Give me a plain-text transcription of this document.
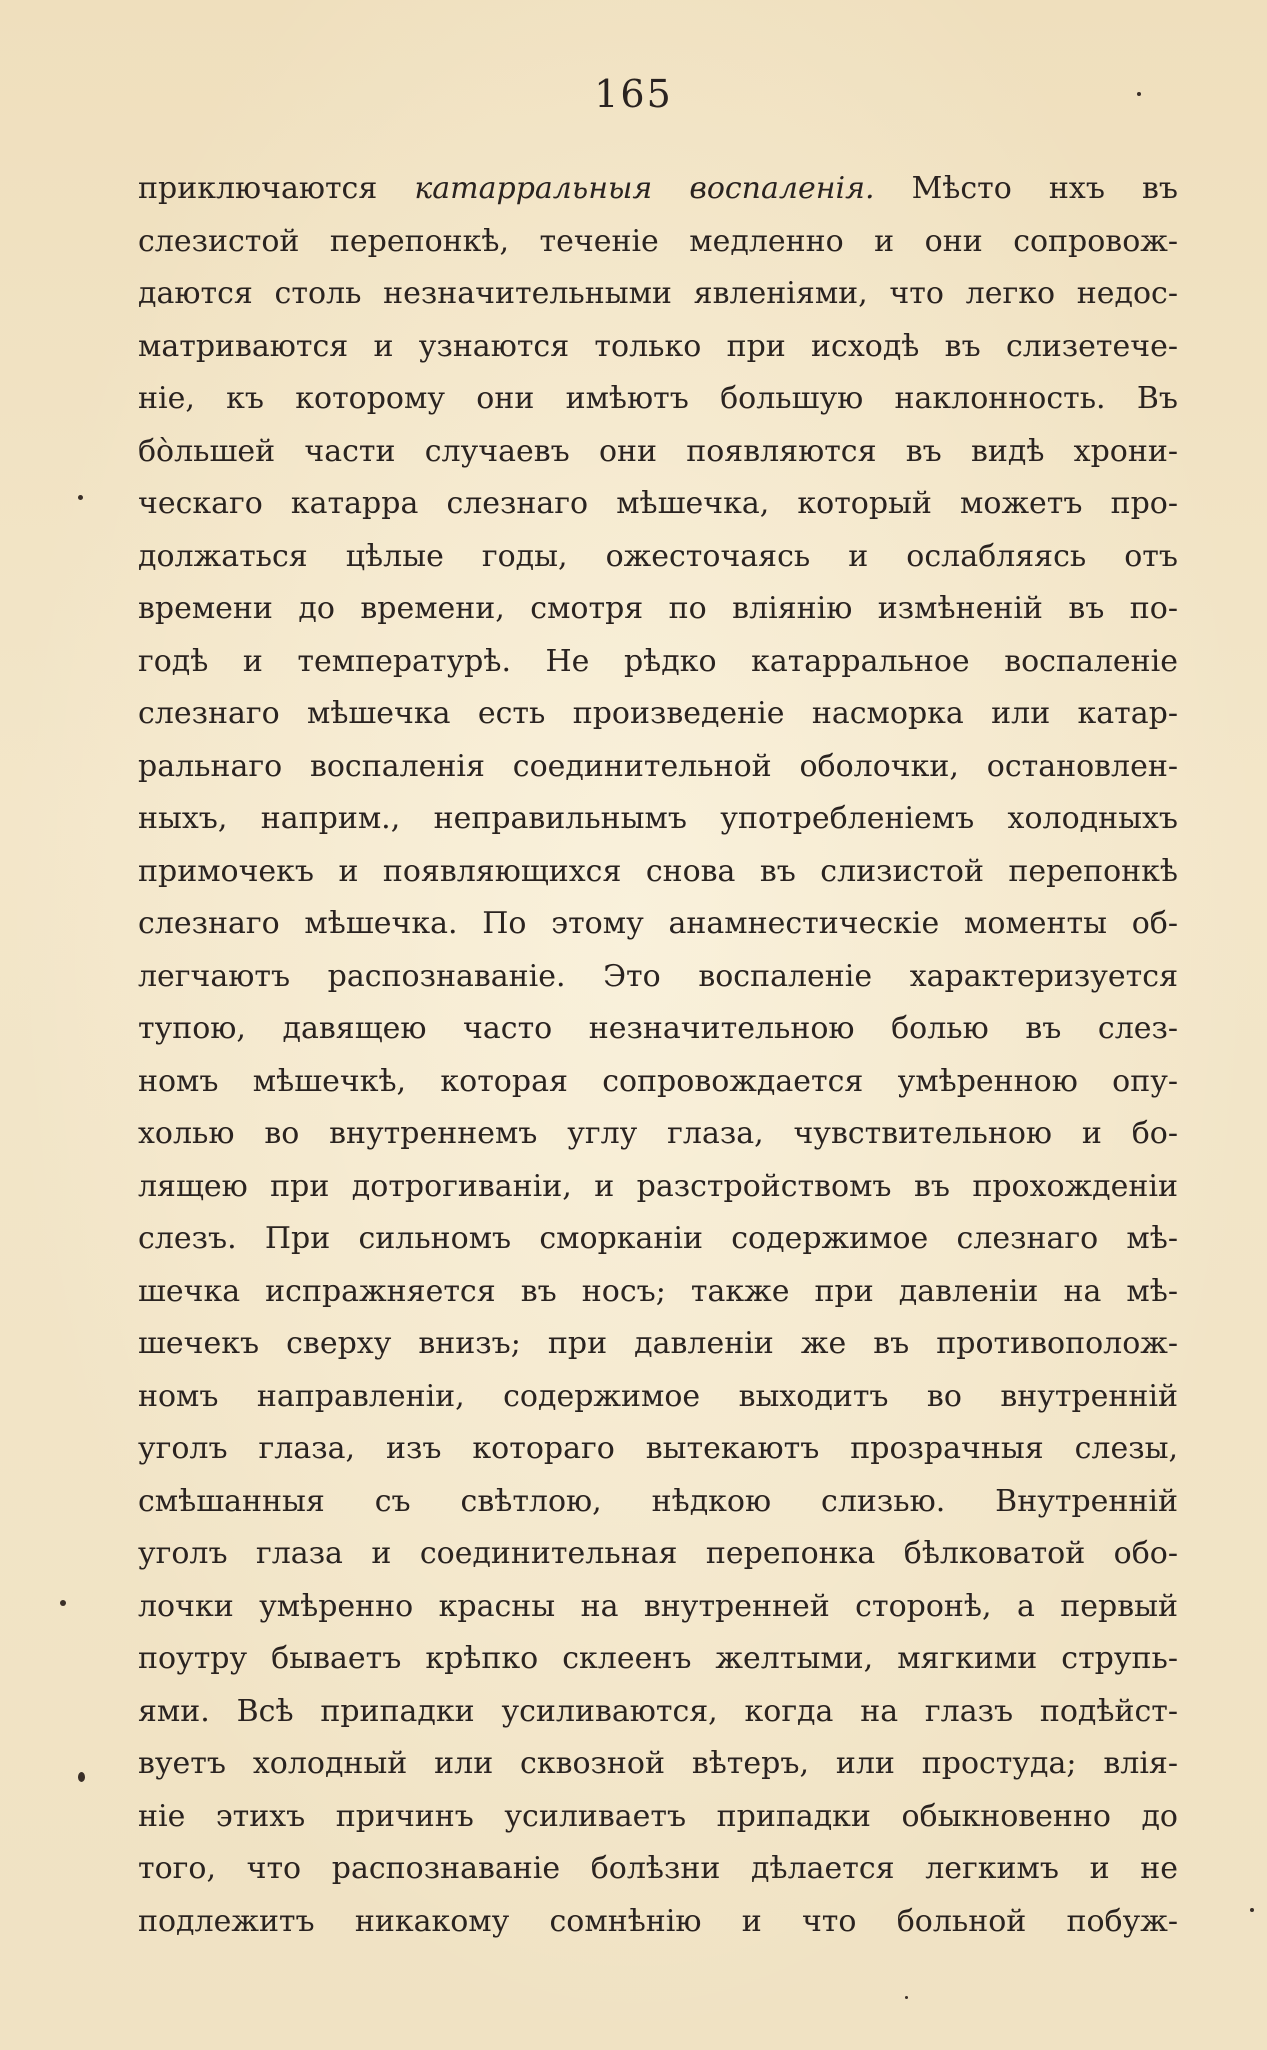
165
приключаются катарральныя воспаленія. Мѣсто нхъ въ
слезистой перепонкѣ, теченіе медленно и они сопровож-
даются столь незначительными явленіями, что легко недос-
матриваются и узнаются только при исходѣ въ слизетече-
ніе, къ которому они имѣютъ большую наклонность. Въ
бо̀льшей части случаевъ они появляются въ видѣ хрони-
ческаго катарра слезнаго мѣшечка, который можетъ про-
должаться цѣлые годы, ожесточаясь и ослабляясь отъ
времени до времени, смотря по вліянію измѣненій въ по-
годѣ и температурѣ. Не рѣдко катарральное воспаленіе
слезнаго мѣшечка есть произведеніе насморка или катар-
ральнаго воспаленія соединительной оболочки, остановлен-
ныхъ, наприм., неправильнымъ употребленіемъ холодныхъ
примочекъ и появляющихся снова въ слизистой перепонкѣ
слезнаго мѣшечка. По этому анамнестическіе моменты об-
легчаютъ распознаваніе. Это воспаленіе характеризуется
тупою, давящею часто незначительною болью въ слез-
номъ мѣшечкѣ, которая сопровождается умѣренною опу-
холью во внутреннемъ углу глаза, чувствительною и бо-
лящею при дотрогиваніи, и разстройствомъ въ прохожденіи
слезъ. При сильномъ сморканіи содержимое слезнаго мѣ-
шечка испражняется въ носъ; также при давленіи на мѣ-
шечекъ сверху внизъ; при давленіи же въ противополож-
номъ направленіи, содержимое выходитъ во внутренній
уголъ глаза, изъ котораго вытекаютъ прозрачныя слезы,
смѣшанныя съ свѣтлою, нѣдкою слизью. Внутренній
уголъ глаза и соединительная перепонка бѣлковатой обо-
лочки умѣренно красны на внутренней сторонѣ, а первый
поутру бываетъ крѣпко склеенъ желтыми, мягкими струпь-
ями. Всѣ припадки усиливаются, когда на глазъ подѣйст-
вуетъ холодный или сквозной вѣтеръ, или простуда; влія-
ніе этихъ причинъ усиливаетъ припадки обыкновенно до
того, что распознаваніе болѣзни дѣлается легкимъ и не
подлежитъ никакому сомнѣнію и что больной побуж-
